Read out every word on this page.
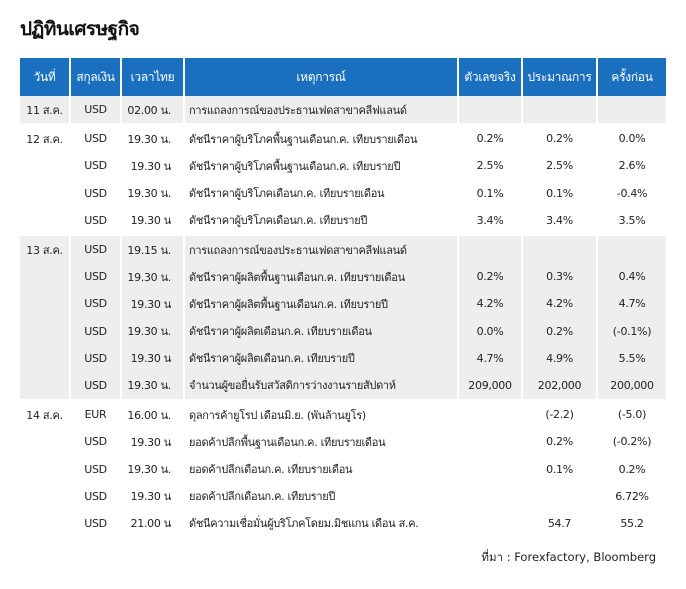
ปฏิทินเศรษฐกิจ
วันที่	สกุลเงิน	เวลาไทย	เหตุการณ์	ตัวเลขจริง	ประมาณการ	ครั้งก่อน
11 ส.ค.	USD	02.00 น.	การแถลงการณ์ของประธานเฟดสาขาคลีฟแลนด์			
12 ส.ค.	USD	19.30 น.	ดัชนีราคาผู้บริโภคพื้นฐานเดือนก.ค. เทียบรายเดือน	0.2%	0.2%	0.0%
	USD	19.30 น	ดัชนีราคาผู้บริโภคพื้นฐานเดือนก.ค. เทียบรายปี	2.5%	2.5%	2.6%
	USD	19.30 น.	ดัชนีราคาผู้บริโภคเดือนก.ค. เทียบรายเดือน	0.1%	0.1%	-0.4%
	USD	19.30 น	ดัชนีราคาผู้บริโภคเดือนก.ค. เทียบรายปี	3.4%	3.4%	3.5%
13 ส.ค.	USD	19.15 น.	การแถลงการณ์ของประธานเฟดสาขาคลีฟแลนด์			
	USD	19.30 น.	ดัชนีราคาผู้ผลิตพื้นฐานเดือนก.ค. เทียบรายเดือน	0.2%	0.3%	0.4%
	USD	19.30 น	ดัชนีราคาผู้ผลิตพื้นฐานเดือนก.ค. เทียบรายปี	4.2%	4.2%	4.7%
	USD	19.30 น.	ดัชนีราคาผู้ผลิตเดือนก.ค. เทียบรายเดือน	0.0%	0.2%	(-0.1%)
	USD	19.30 น	ดัชนีราคาผู้ผลิตเดือนก.ค. เทียบรายปี	4.7%	4.9%	5.5%
	USD	19.30 น.	จำนวนผู้ขอยื่นรับสวัสดิการว่างงานรายสัปดาห์	209,000	202,000	200,000
14 ส.ค.	EUR	16.00 น.	ดุลการค้ายูโรป เดือนมิ.ย. (พันล้านยูโร)		(-2.2)	(-5.0)
	USD	19.30 น	ยอดค้าปลีกพื้นฐานเดือนก.ค. เทียบรายเดือน		0.2%	(-0.2%)
	USD	19.30 น.	ยอดค้าปลีกเดือนก.ค. เทียบรายเดือน		0.1%	0.2%
	USD	19.30 น	ยอดค้าปลีกเดือนก.ค. เทียบรายปี			6.72%
	USD	21.00 น	ดัชนีความเชื่อมั่นผู้บริโภคโดยม.มิชแกน เดือน ส.ค.		54.7	55.2
ที่มา : Forexfactory, Bloomberg
